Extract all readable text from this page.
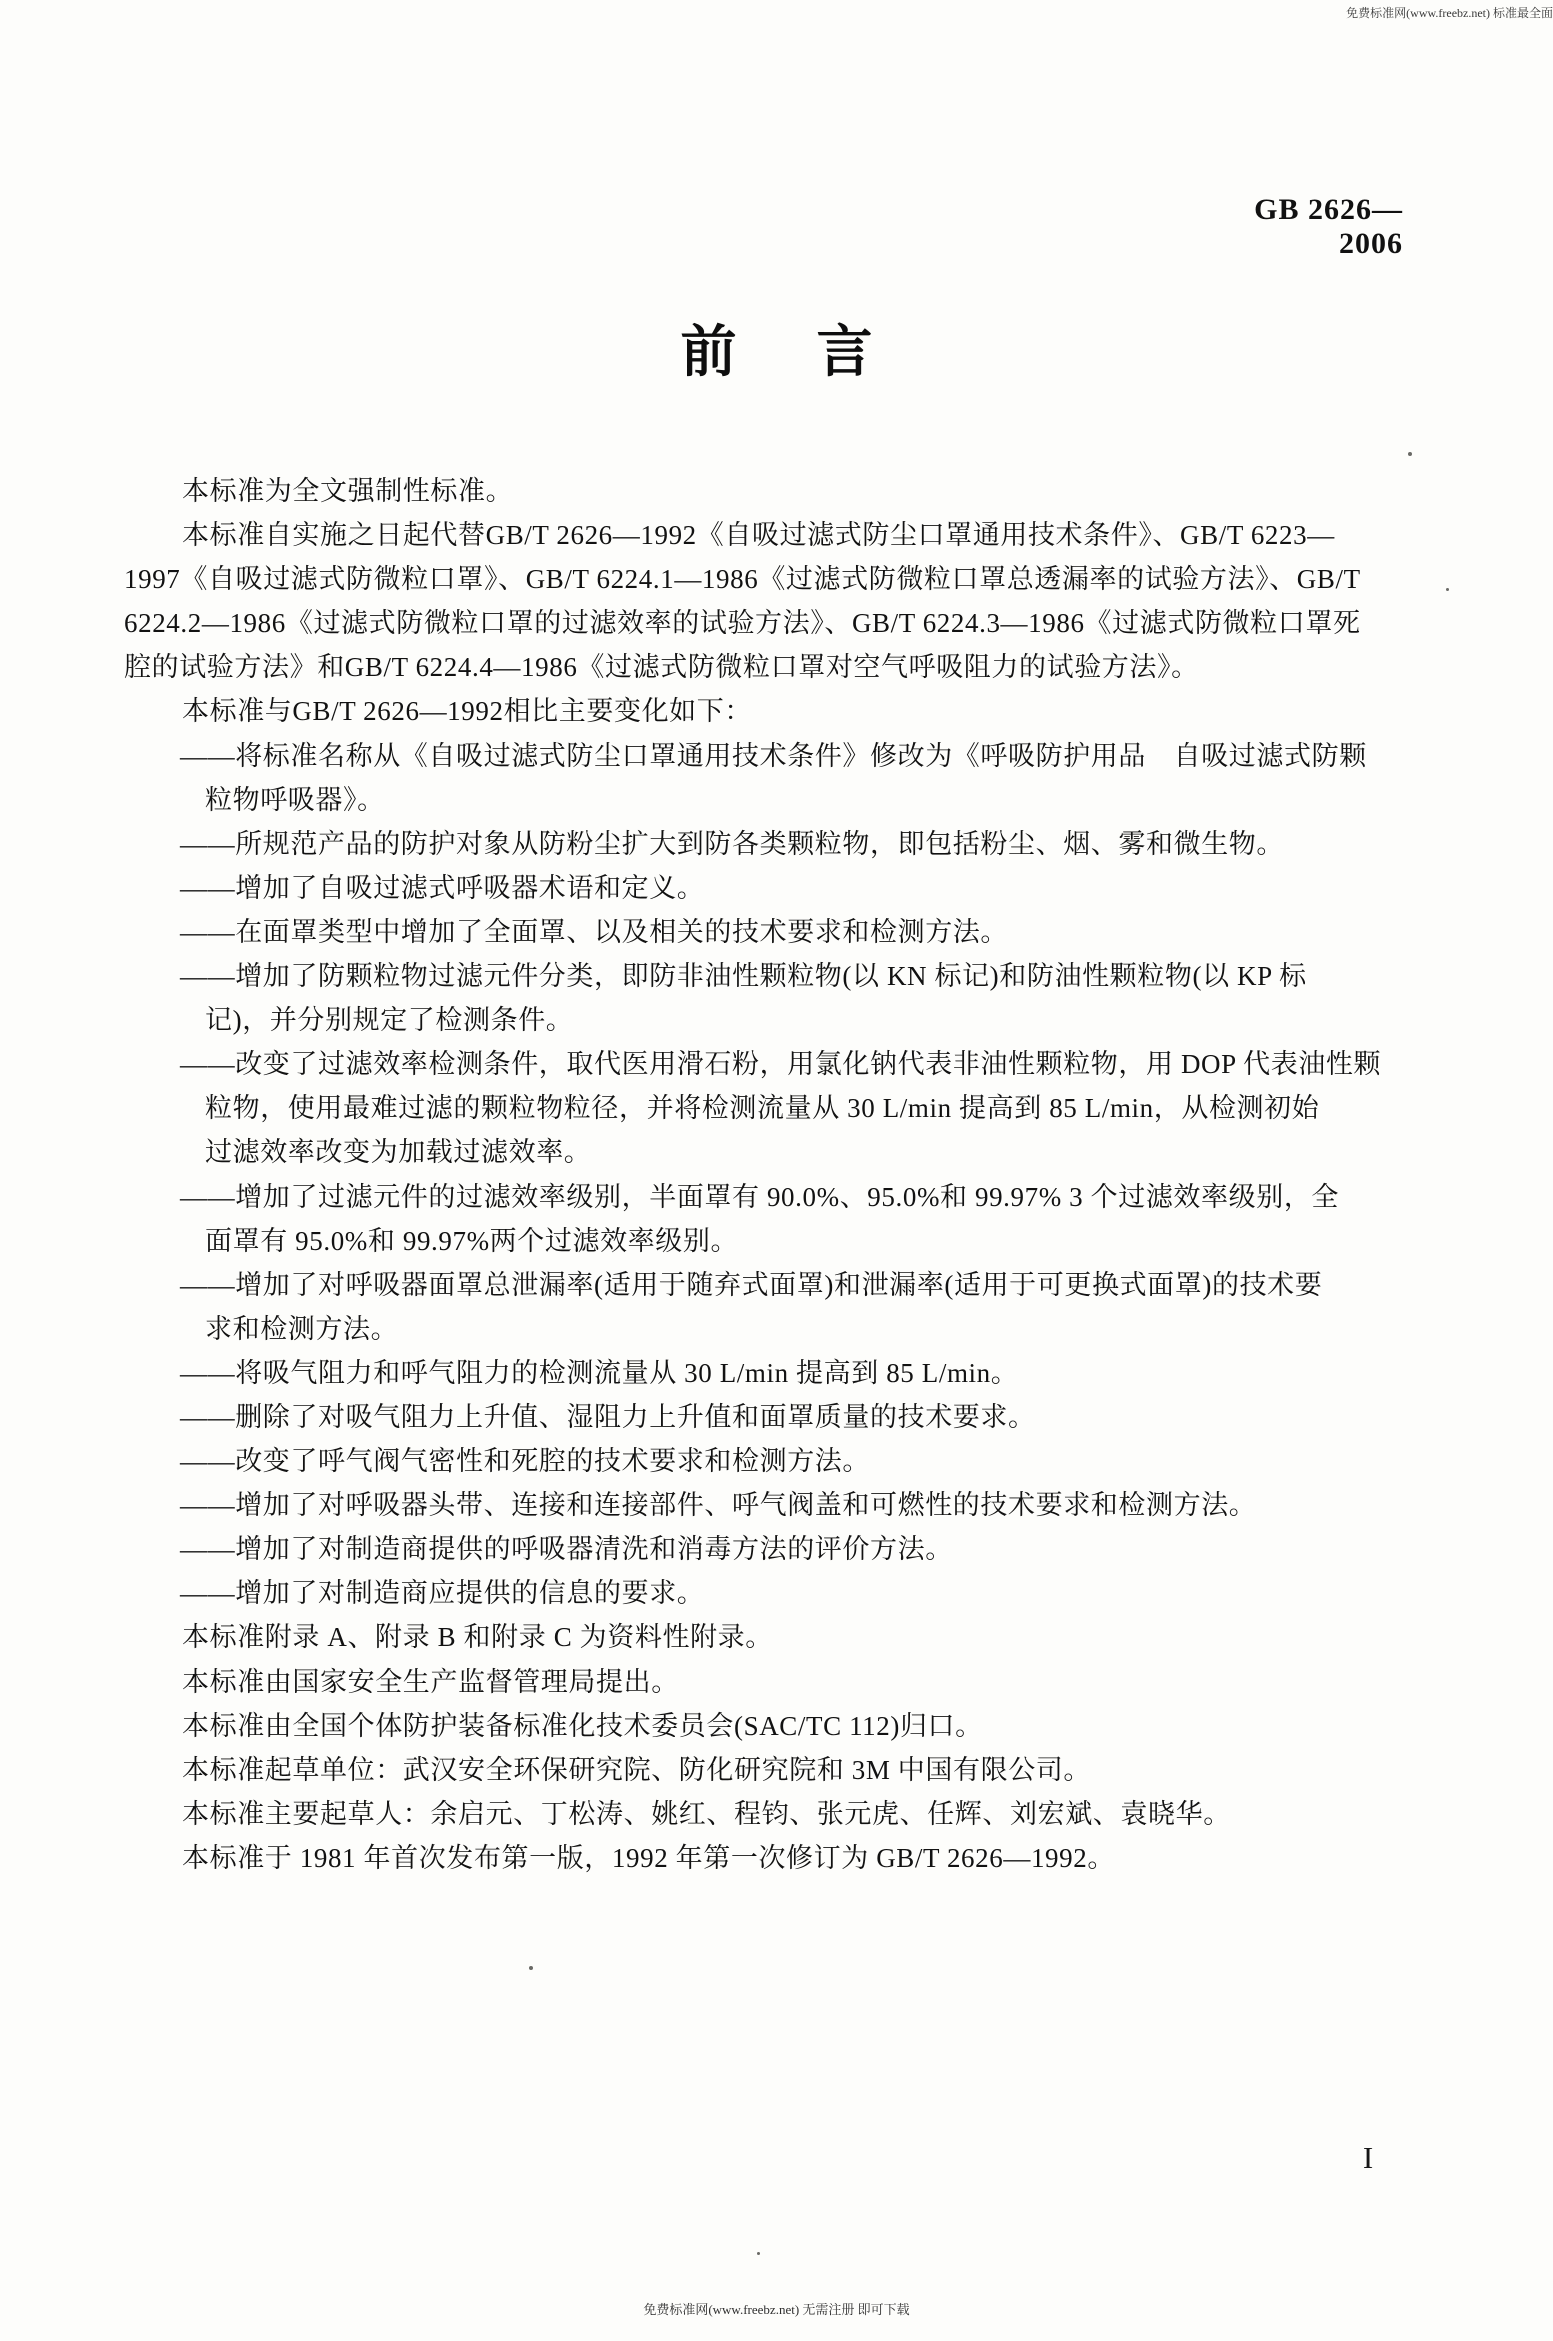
免费标准网(www.freebz.net) 标准最全面
GB 2626—2006
前 言
本标准为全文强制性标准。
本标准自实施之日起代替GB/T 2626—1992《自吸过滤式防尘口罩通用技术条件》、GB/T 6223—
1997《自吸过滤式防微粒口罩》、GB/T 6224.1—1986《过滤式防微粒口罩总透漏率的试验方法》、GB/T
6224.2—1986《过滤式防微粒口罩的过滤效率的试验方法》、GB/T 6224.3—1986《过滤式防微粒口罩死
腔的试验方法》和GB/T 6224.4—1986《过滤式防微粒口罩对空气呼吸阻力的试验方法》。
本标准与GB/T 2626—1992相比主要变化如下：
——将标准名称从《自吸过滤式防尘口罩通用技术条件》修改为《呼吸防护用品　自吸过滤式防颗
粒物呼吸器》。
——所规范产品的防护对象从防粉尘扩大到防各类颗粒物，即包括粉尘、烟、雾和微生物。
——增加了自吸过滤式呼吸器术语和定义。
——在面罩类型中增加了全面罩、以及相关的技术要求和检测方法。
——增加了防颗粒物过滤元件分类，即防非油性颗粒物(以 KN 标记)和防油性颗粒物(以 KP 标
记)，并分别规定了检测条件。
——改变了过滤效率检测条件，取代医用滑石粉，用氯化钠代表非油性颗粒物，用 DOP 代表油性颗
粒物，使用最难过滤的颗粒物粒径，并将检测流量从 30 L/min 提高到 85 L/min，从检测初始
过滤效率改变为加载过滤效率。
——增加了过滤元件的过滤效率级别，半面罩有 90.0%、95.0%和 99.97% 3 个过滤效率级别，全
面罩有 95.0%和 99.97%两个过滤效率级别。
——增加了对呼吸器面罩总泄漏率(适用于随弃式面罩)和泄漏率(适用于可更换式面罩)的技术要
求和检测方法。
——将吸气阻力和呼气阻力的检测流量从 30 L/min 提高到 85 L/min。
——删除了对吸气阻力上升值、湿阻力上升值和面罩质量的技术要求。
——改变了呼气阀气密性和死腔的技术要求和检测方法。
——增加了对呼吸器头带、连接和连接部件、呼气阀盖和可燃性的技术要求和检测方法。
——增加了对制造商提供的呼吸器清洗和消毒方法的评价方法。
——增加了对制造商应提供的信息的要求。
本标准附录 A、附录 B 和附录 C 为资料性附录。
本标准由国家安全生产监督管理局提出。
本标准由全国个体防护装备标准化技术委员会(SAC/TC 112)归口。
本标准起草单位：武汉安全环保研究院、防化研究院和 3M 中国有限公司。
本标准主要起草人：余启元、丁松涛、姚红、程钧、张元虎、任辉、刘宏斌、袁晓华。
本标准于 1981 年首次发布第一版，1992 年第一次修订为 GB/T 2626—1992。
I
免费标准网(www.freebz.net) 无需注册 即可下载
